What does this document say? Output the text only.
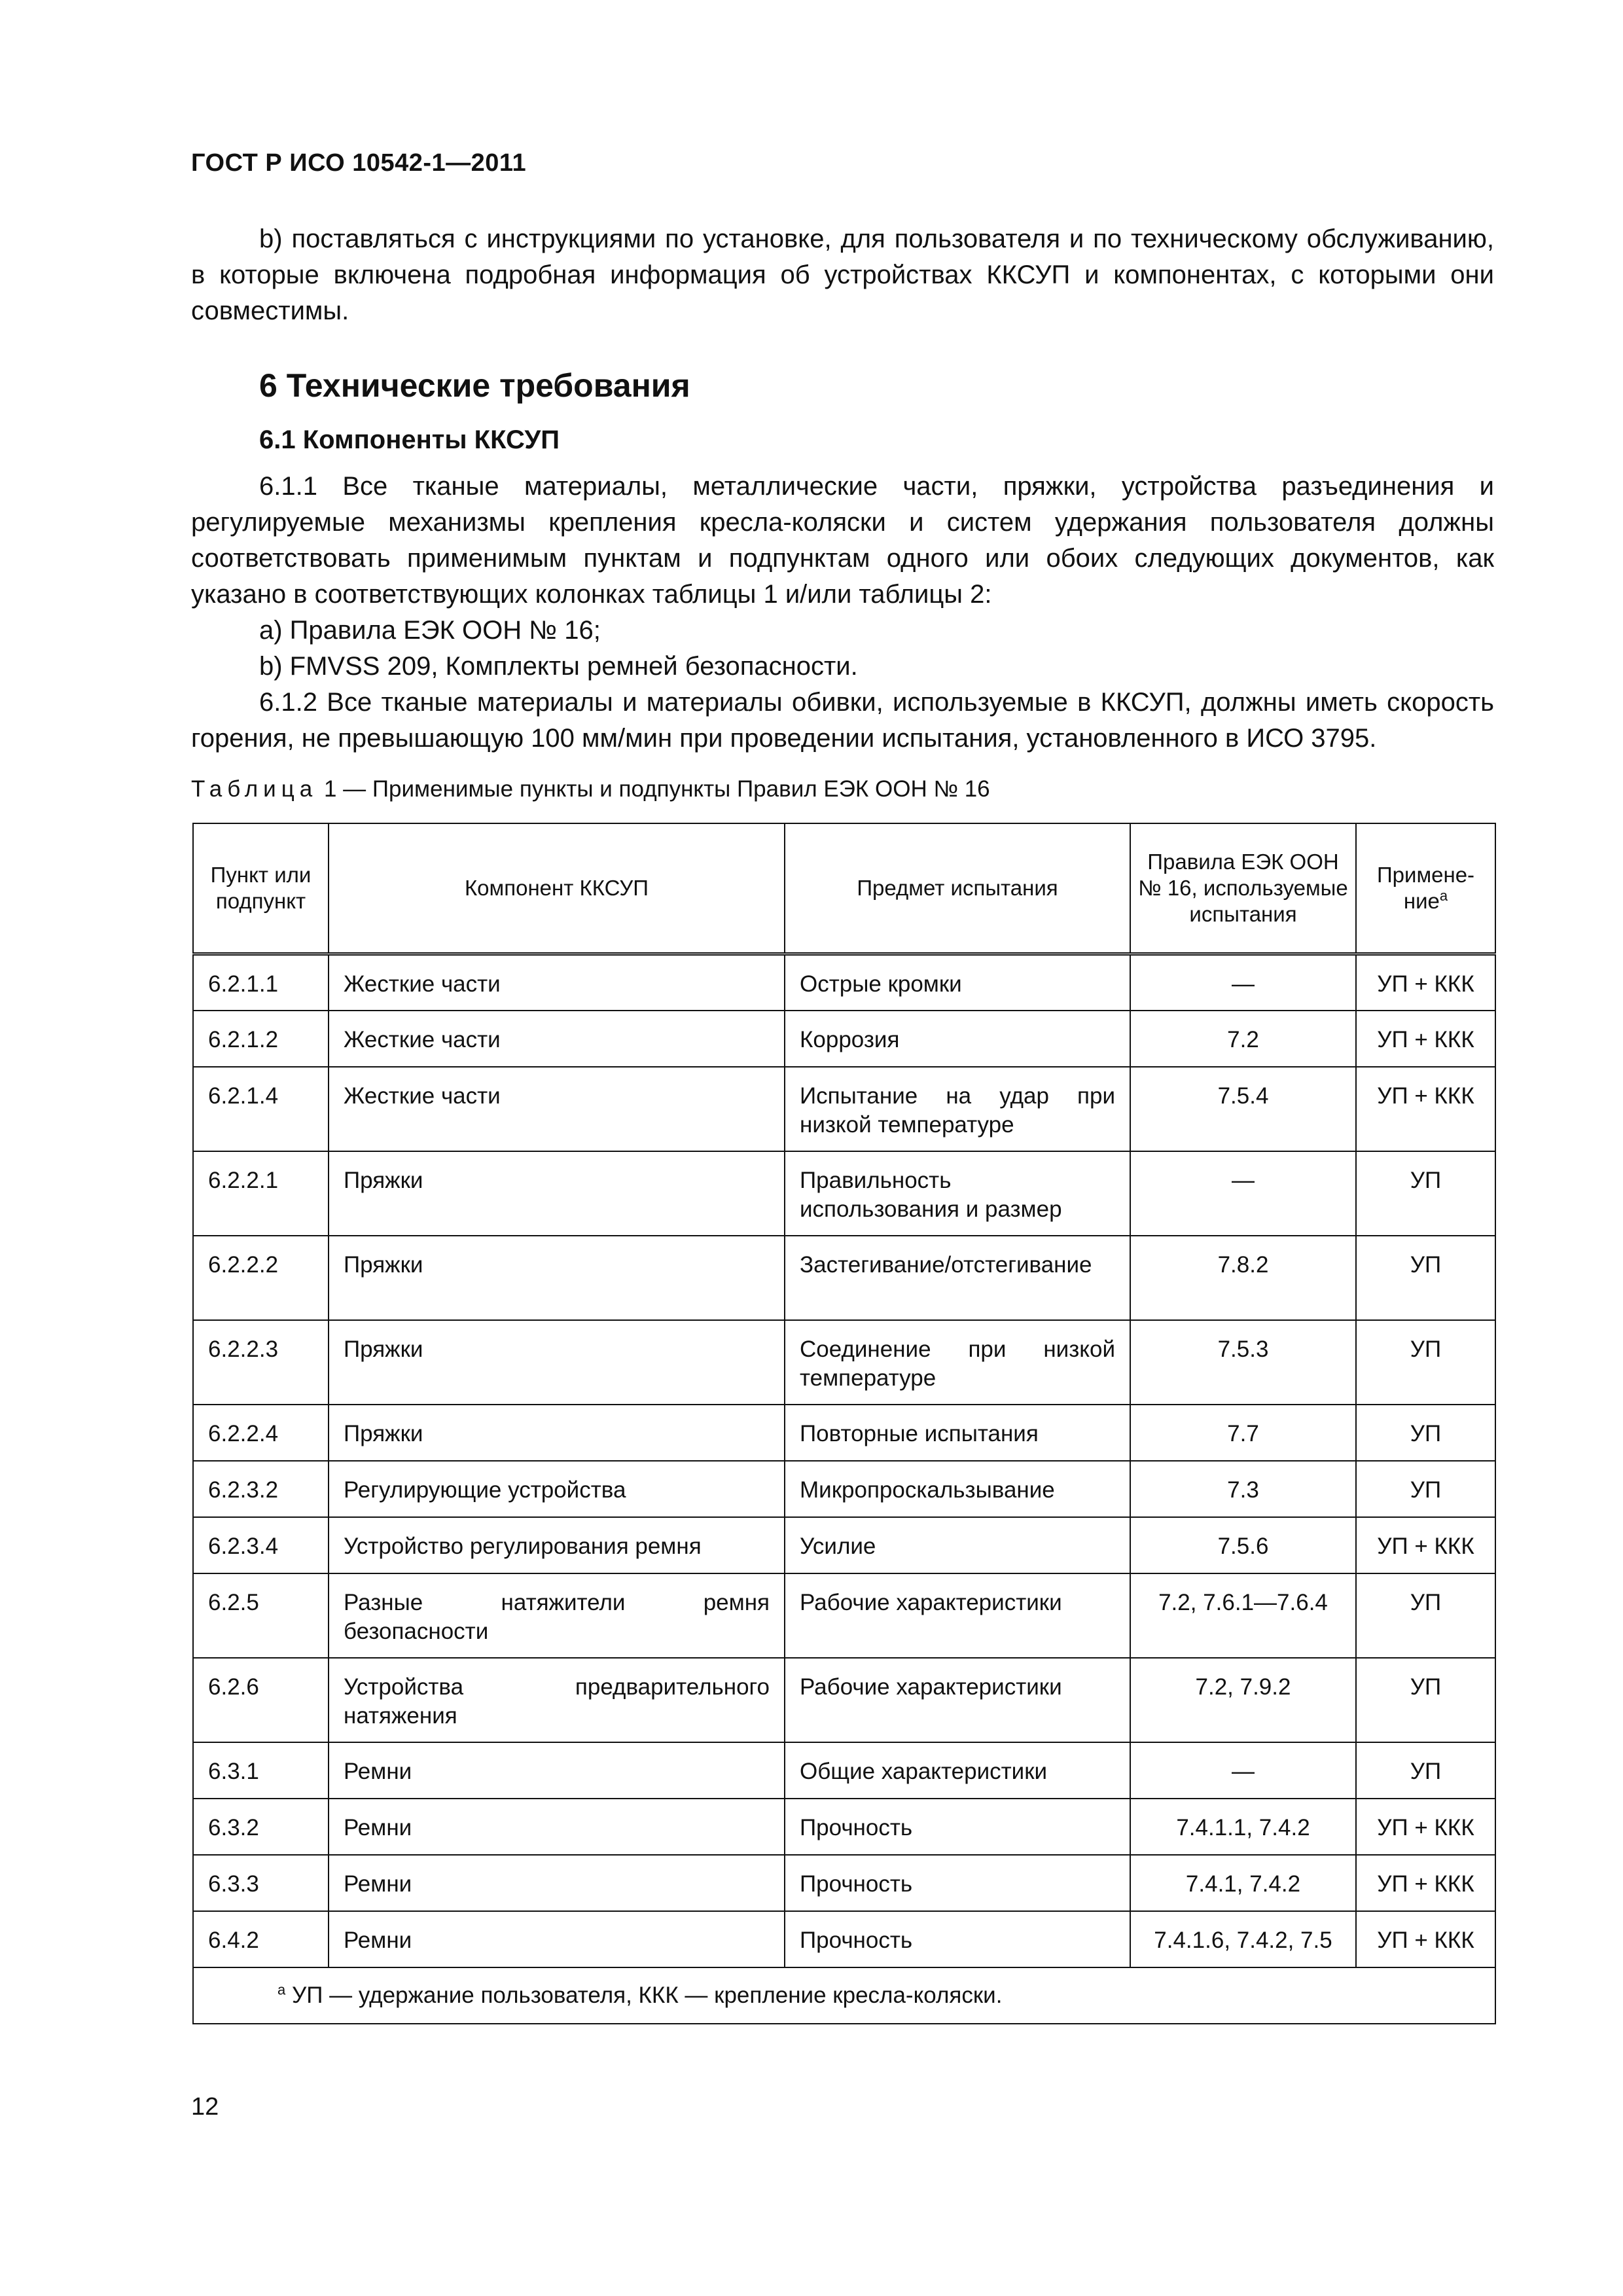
ГОСТ Р ИСО 10542-1—2011

b) поставляться с инструкциями по установке, для пользователя и по техническому обслуживанию, в которые включена подробная информация об устройствах ККСУП и компонентах, с которыми они совместимы.

6 Технические требования
6.1 Компоненты ККСУП

6.1.1 Все тканые материалы, металлические части, пряжки, устройства разъединения и регулируемые механизмы крепления кресла-коляски и систем удержания пользователя должны соответствовать применимым пунктам и подпунктам одного или обоих следующих документов, как указано в соответствующих колонках таблицы 1 и/или таблицы 2:

а) Правила ЕЭК ООН № 16;

b) FMVSS 209, Комплекты ремней безопасности.

6.1.2 Все тканые материалы и материалы обивки, используемые в ККСУП, должны иметь скорость горения, не превышающую 100 мм/мин при проведении испытания, установленного в ИСО 3795.

Таблица 1 — Применимые пункты и подпункты Правил ЕЭК ООН № 16
Пункт или подпункт	Компонент ККСУП	Предмет испытания	Правила ЕЭК ООН № 16, используемые испытания	Примене-ние$^a$
6.2.1.1	Жесткие части	Острые кромки	—	УП + ККК
6.2.1.2	Жесткие части	Коррозия	7.2	УП + ККК
6.2.1.4	Жесткие части	Испытание на удар при низкой температуре	7.5.4	УП + ККК
6.2.2.1	Пряжки	Правильность использования и размер	—	УП
6.2.2.2	Пряжки	Застегивание/отстегивание	7.8.2	УП
6.2.2.3	Пряжки	Соединение при низкой температуре	7.5.3	УП
6.2.2.4	Пряжки	Повторные испытания	7.7	УП
6.2.3.2	Регулирующие устройства	Микропроскальзывание	7.3	УП
6.2.3.4	Устройство регулирования ремня	Усилие	7.5.6	УП + ККК
6.2.5	Разные натяжители ремня безопасности	Рабочие характеристики	7.2, 7.6.1—7.6.4	УП
6.2.6	Устройства предварительного натяжения	Рабочие характеристики	7.2, 7.9.2	УП
6.3.1	Ремни	Общие характеристики	—	УП
6.3.2	Ремни	Прочность	7.4.1.1, 7.4.2	УП + ККК
6.3.3	Ремни	Прочность	7.4.1, 7.4.2	УП + ККК
6.4.2	Ремни	Прочность	7.4.1.6, 7.4.2, 7.5	УП + ККК
$^а$ УП — удержание пользователя, ККК — крепление кресла-коляски.				
12
